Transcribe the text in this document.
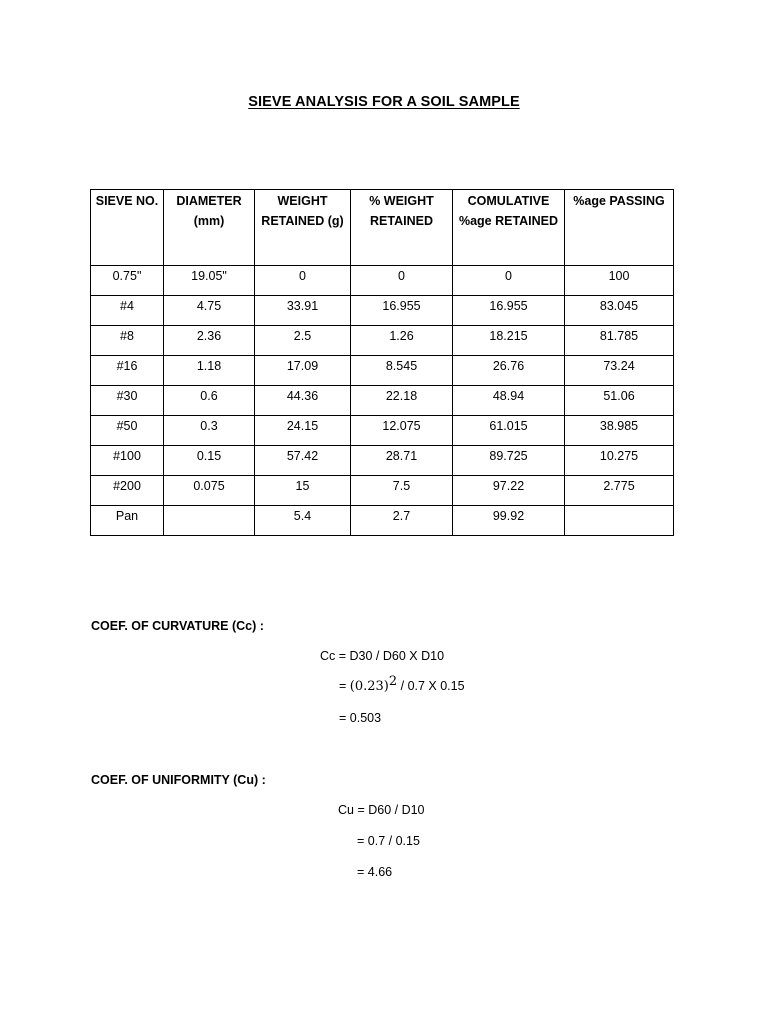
SIEVE ANALYSIS FOR A SOIL SAMPLE
SIEVE NO.	DIAMETER (mm)	WEIGHT RETAINED (g)	% WEIGHT RETAINED	COMULATIVE %age RETAINED	%age PASSING
0.75"	19.05"	0	0	0	100
#4	4.75	33.91	16.955	16.955	83.045
#8	2.36	2.5	1.26	18.215	81.785
#16	1.18	17.09	8.545	26.76	73.24
#30	0.6	44.36	22.18	48.94	51.06
#50	0.3	24.15	12.075	61.015	38.985
#100	0.15	57.42	28.71	89.725	10.275
#200	0.075	15	7.5	97.22	2.775
Pan		5.4	2.7	99.92	
COEF. OF CURVATURE (Cc) :
Cc = D30 / D60 X D10
= $(0.23)^2 / 0.7$ X 0.15
= 0.503
COEF. OF UNIFORMITY (Cu) :
Cu = D60 / D10
= 0.7 / 0.15
= 4.66
